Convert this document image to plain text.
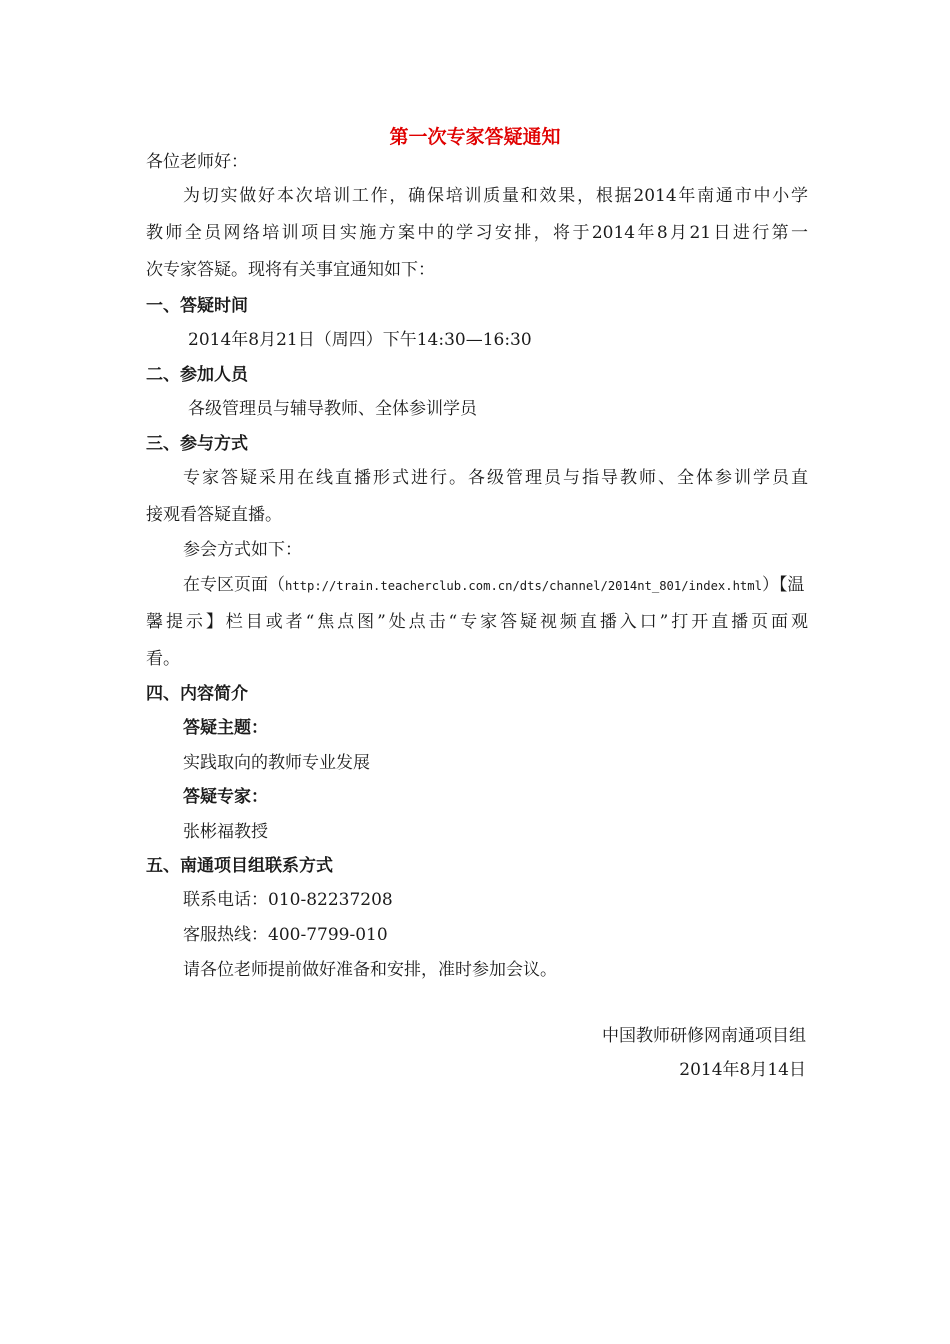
第一次专家答疑通知
各位老师好：
为切实做好本次培训工作，确保培训质量和效果，根据2014年南通市中小学
教师全员网络培训项目实施方案中的学习安排，将于2014年8月21日进行第一
次专家答疑。现将有关事宜通知如下：
一、答疑时间
2014年8月21日（周四）下午14:30—16:30
二、参加人员
各级管理员与辅导教师、全体参训学员
三、参与方式
专家答疑采用在线直播形式进行。各级管理员与指导教师、全体参训学员直
接观看答疑直播。
参会方式如下：
在专区页面（http://train.teacherclub.com.cn/dts/channel/2014nt_801/index.html）【温
馨提示】栏目或者“焦点图”处点击“专家答疑视频直播入口”打开直播页面观
看。
四、内容简介
答疑主题：
实践取向的教师专业发展
答疑专家：
张彬福教授
五、南通项目组联系方式
联系电话：010-82237208
客服热线：400-7799-010
请各位老师提前做好准备和安排，准时参加会议。
中国教师研修网南通项目组
2014年8月14日
